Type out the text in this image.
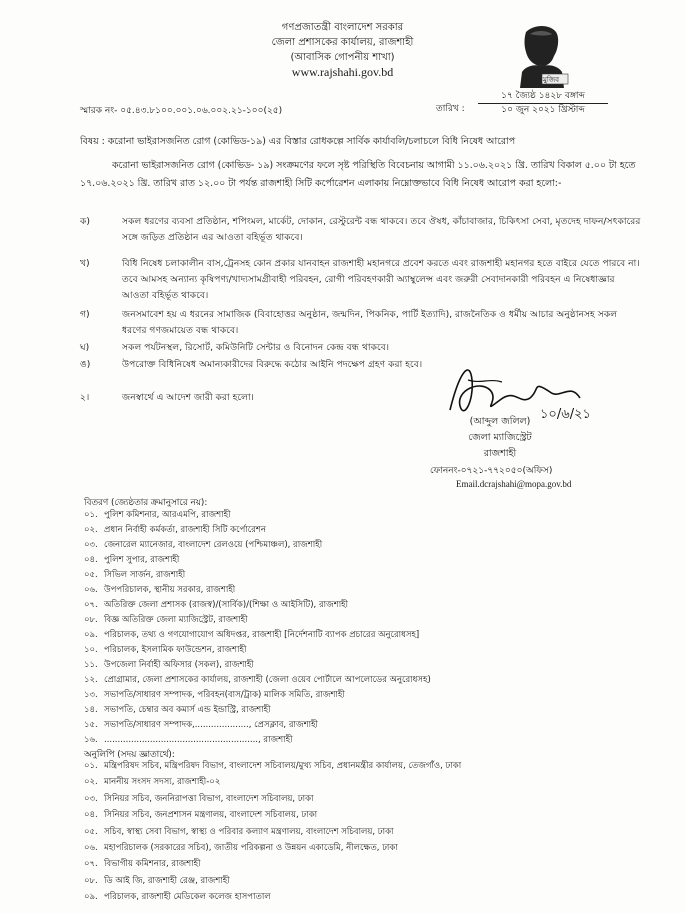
গণপ্রজাতন্ত্রী বাংলাদেশ সরকার
জেলা প্রশাসকের কার্যালয়, রাজশাহী
(আবাসিক গোপনীয় শাখা)
www.rajshahi.gov.bd
মুজিব
স্মারক নং- ০৫.৪৩.৮১০০.০০১.০৬.০০২.২১-১০০(২৫)	তারিখ :
১৭ জ্যৈষ্ঠ ১৪২৮ বঙ্গাব্দ
১০ জুন ২০২১ খ্রিস্টাব্দ
বিষয় : করোনা ভাইরাসজনিত রোগ (কোভিড-১৯) এর বিস্তার রোধকল্পে সার্বিক কার্যাবলি/চলাচলে বিধি নিষেধ আরোপ
করোনা ভাইরাসজনিত রোগ (কোভিড- ১৯) সংক্রমণের ফলে সৃষ্ট পরিস্থিতি বিবেচনায় আগামী ১১.০৬.২০২১ খ্রি. তারিখ বিকাল ৫.০০ টা হতে ১৭.০৬.২০২১ খ্রি. তারিখ রাত ১২.০০ টা পর্যন্ত রাজশাহী সিটি কর্পোরেশন এলাকায় নিম্নোক্তভাবে বিধি নিষেধ আরোপ করা হলো:-
ক)	সকল ধরণের ব্যবসা প্রতিষ্ঠান, শপিংমল, মার্কেট, দোকান, রেস্টুরেন্ট বন্ধ থাকবে। তবে ঔষধ, কাঁচাবাজার, চিকিৎসা সেবা, মৃতদেহ দাফন/সৎকারের সঙ্গে জড়িত প্রতিষ্ঠান এর আওতা বহির্ভূত থাকবে।
খ)	বিধি নিষেধ চলাকালীন বাস,ট্রেনসহ কোন প্রকার যানবাহন রাজশাহী মহানগরে প্রবেশ করতে এবং রাজশাহী মহানগর হতে বাইরে যেতে পারবে না। তবে আমসহ অন্যান্য কৃষিপণ্য/খাদ্যসামগ্রীবাহী পরিবহন, রোগী পরিবহণকারী অ্যাম্বুলেন্স এবং জরুরী সেবাদানকারী পরিবহন এ নিষেধাজ্ঞার আওতা বহির্ভূত থাকবে।
গ)	জনসমাবেশ হয় এ ধরনের সামাজিক (বিবাহোত্তর অনুষ্ঠান, জন্মদিন, পিকনিক, পার্টি ইত্যাদি), রাজনৈতিক ও ধর্মীয় আচার অনুষ্ঠানসহ সকল ধরণের গণজমায়েত বন্ধ থাকবে।
ঘ)	সকল পর্যটনস্থল, রিসোর্ট, কমিউনিটি সেন্টার ও বিনোদন কেন্দ্র বন্ধ থাকবে।
ঙ)	উপরোক্ত বিধিনিষেধ অমান্যকারীদের বিরুদ্ধে কঠোর আইনি পদক্ষেপ গ্রহণ করা হবে।
২।	জনস্বার্থে এ আদেশ জারী করা হলো।
১০/৬/২১
(আব্দুল জলিল)
জেলা ম্যাজিস্ট্রেট
রাজশাহী
ফোননং-০৭২১-৭৭২০৫০(অফিস)
Email.dcrajshahi@mopa.gov.bd
বিতরণ (জ্যেষ্ঠতার ক্রমানুসারে নয়):
০১. পুলিশ কমিশনার, আরএমপি, রাজশাহী
০২. প্রধান নির্বাহী কর্মকর্তা, রাজশাহী সিটি কর্পোরেশন
০৩. জেনারেল ম্যানেজার, বাংলাদেশ রেলওয়ে (পশ্চিমাঞ্চল), রাজশাহী
০৪. পুলিশ সুপার, রাজশাহী
০৫. সিভিল সার্জন, রাজশাহী
০৬. উপপরিচালক, স্থানীয় সরকার, রাজশাহী
০৭. অতিরিক্ত জেলা প্রশাসক (রাজস্ব)/(সার্বিক)/(শিক্ষা ও আইসিটি), রাজশাহী
০৮. বিজ্ঞ অতিরিক্ত জেলা ম্যাজিস্ট্রেট, রাজশাহী
০৯. পরিচালক, তথ্য ও গণযোগাযোগ অধিদপ্তর, রাজশাহী [নির্দেশনাটি ব্যাপক প্রচারের অনুরোধসহ]
১০. পরিচালক, ইসলামিক ফাউন্ডেশন, রাজশাহী
১১. উপজেলা নির্বাহী অফিসার (সকল), রাজশাহী
১২. প্রোগ্রামার, জেলা প্রশাসকের কার্যালয়, রাজশাহী (জেলা ওয়েব পোর্টালে আপলোডের অনুরোধসহ)
১৩. সভাপতি/সাধারণ সম্পাদক, পরিবহন(বাস/ট্রাক) মালিক সমিতি, রাজশাহী
১৪. সভাপতি, চেম্বার অব কমার্স এন্ড ইন্ডাস্ট্রি, রাজশাহী
১৫. সভাপতি/সাধারণ সম্পাদক,...................., প্রেসক্লাব, রাজশাহী
১৬. ........................................................., রাজশাহী
অনুলিপি (সদয় জ্ঞাতার্থে):
০১. মন্ত্রিপরিষদ সচিব, মন্ত্রিপরিষদ বিভাগ, বাংলাদেশ সচিবালয়/মুখ্য সচিব, প্রধানমন্ত্রীর কার্যালয়, তেজগাঁও, ঢাকা
০২. মাননীয় সংসদ সদস্য, রাজশাহী-০২
০৩. সিনিয়র সচিব, জননিরাপত্তা বিভাগ, বাংলাদেশ সচিবালয়, ঢাকা
০৪. সিনিয়র সচিব, জনপ্রশাসন মন্ত্রণালয়, বাংলাদেশ সচিবালয়, ঢাকা
০৫. সচিব, স্বাস্থ্য সেবা বিভাগ, স্বাস্থ্য ও পরিবার কল্যাণ মন্ত্রণালয়, বাংলাদেশ সচিবালয়, ঢাকা
০৬. মহাপরিচালক (সরকারের সচিব), জাতীয় পরিকল্পনা ও উন্নয়ন একাডেমি, নীলক্ষেত, ঢাকা
০৭. বিভাগীয় কমিশনার, রাজশাহী
০৮. ডি আই জি, রাজশাহী রেঞ্জ, রাজশাহী
০৯. পরিচালক, রাজশাহী মেডিকেল কলেজ হাসপাতাল
